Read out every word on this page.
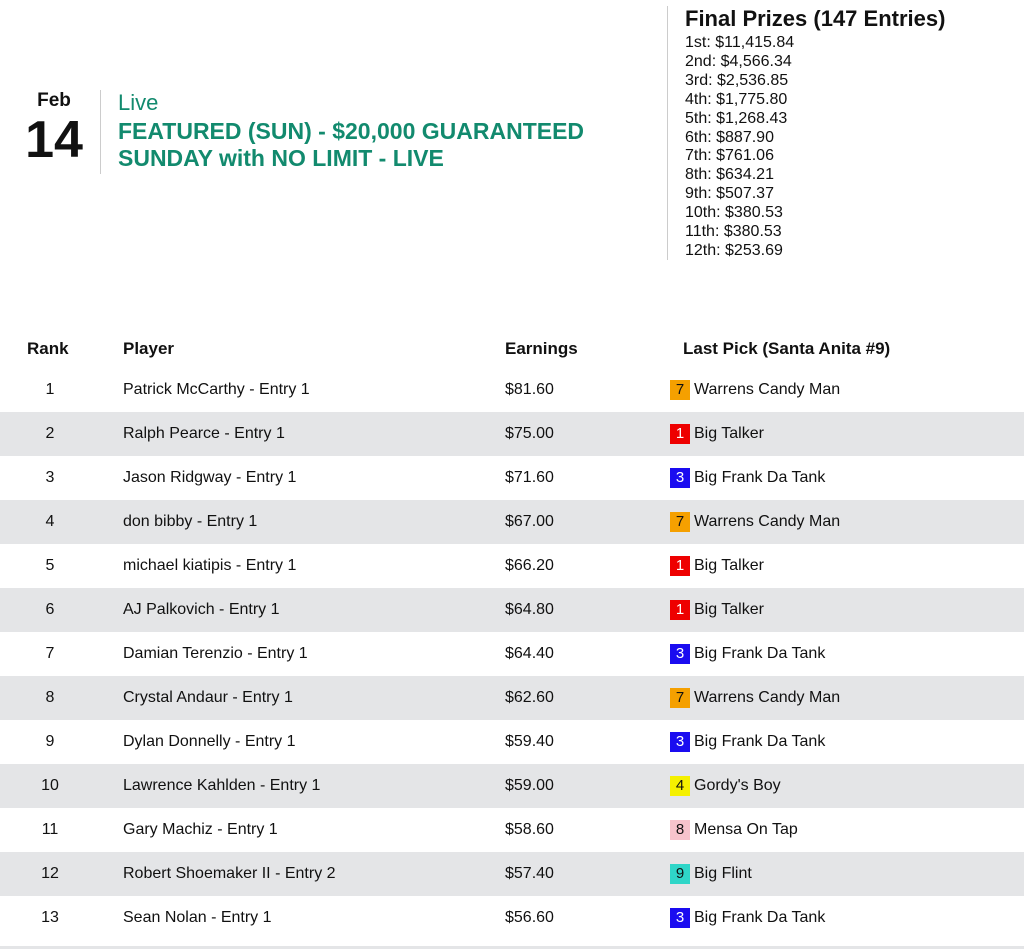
Feb
14
Live
FEATURED (SUN) - $20,000 GUARANTEED
SUNDAY with NO LIMIT - LIVE
Final Prizes (147 Entries)
1st: $11,415.84
2nd: $4,566.34
3rd: $2,536.85
4th: $1,775.80
5th: $1,268.43
6th: $887.90
7th: $761.06
8th: $634.21
9th: $507.37
10th: $380.53
11th: $380.53
12th: $253.69
Rank	Player	Earnings	Last Pick (Santa Anita #9)
1	Patrick McCarthy - Entry 1	$81.60	7 Warrens Candy Man

2	Ralph Pearce - Entry 1	$75.00	1 Big Talker

3	Jason Ridgway - Entry 1	$71.60	3 Big Frank Da Tank

4	don bibby - Entry 1	$67.00	7 Warrens Candy Man

5	michael kiatipis - Entry 1	$66.20	1 Big Talker

6	AJ Palkovich - Entry 1	$64.80	1 Big Talker

7	Damian Terenzio - Entry 1	$64.40	3 Big Frank Da Tank

8	Crystal Andaur - Entry 1	$62.60	7 Warrens Candy Man

9	Dylan Donnelly - Entry 1	$59.40	3 Big Frank Da Tank

10	Lawrence Kahlden - Entry 1	$59.00	4 Gordy's Boy

11	Gary Machiz - Entry 1	$58.60	8 Mensa On Tap

12	Robert Shoemaker II - Entry 2	$57.40	9 Big Flint

13	Sean Nolan - Entry 1	$56.60	3 Big Frank Da Tank
